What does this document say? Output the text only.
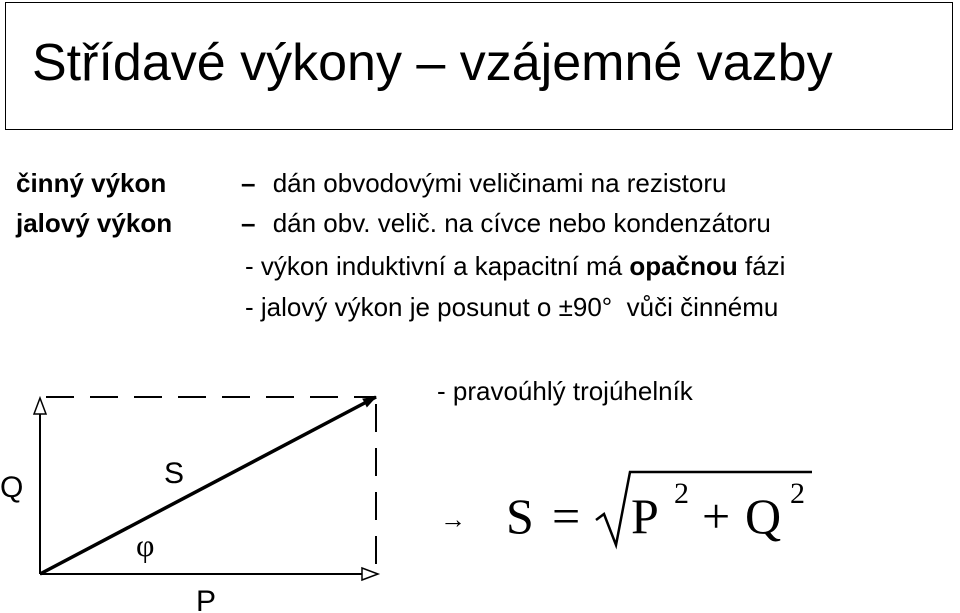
Střídavé výkony – vzájemné vazby
činný výkon	– dán obvodovými veličinami na rezistoru
jalový výkon	– dán obv. velič. na cívce nebo kondenzátoru
- výkon induktivní a kapacitní má opačnou fázi
- jalový výkon je posunut o ±90°  vůči činnému
- pravoúhlý trojúhelník
Q	S
P
φ
→ S = P 2 + Q 2
